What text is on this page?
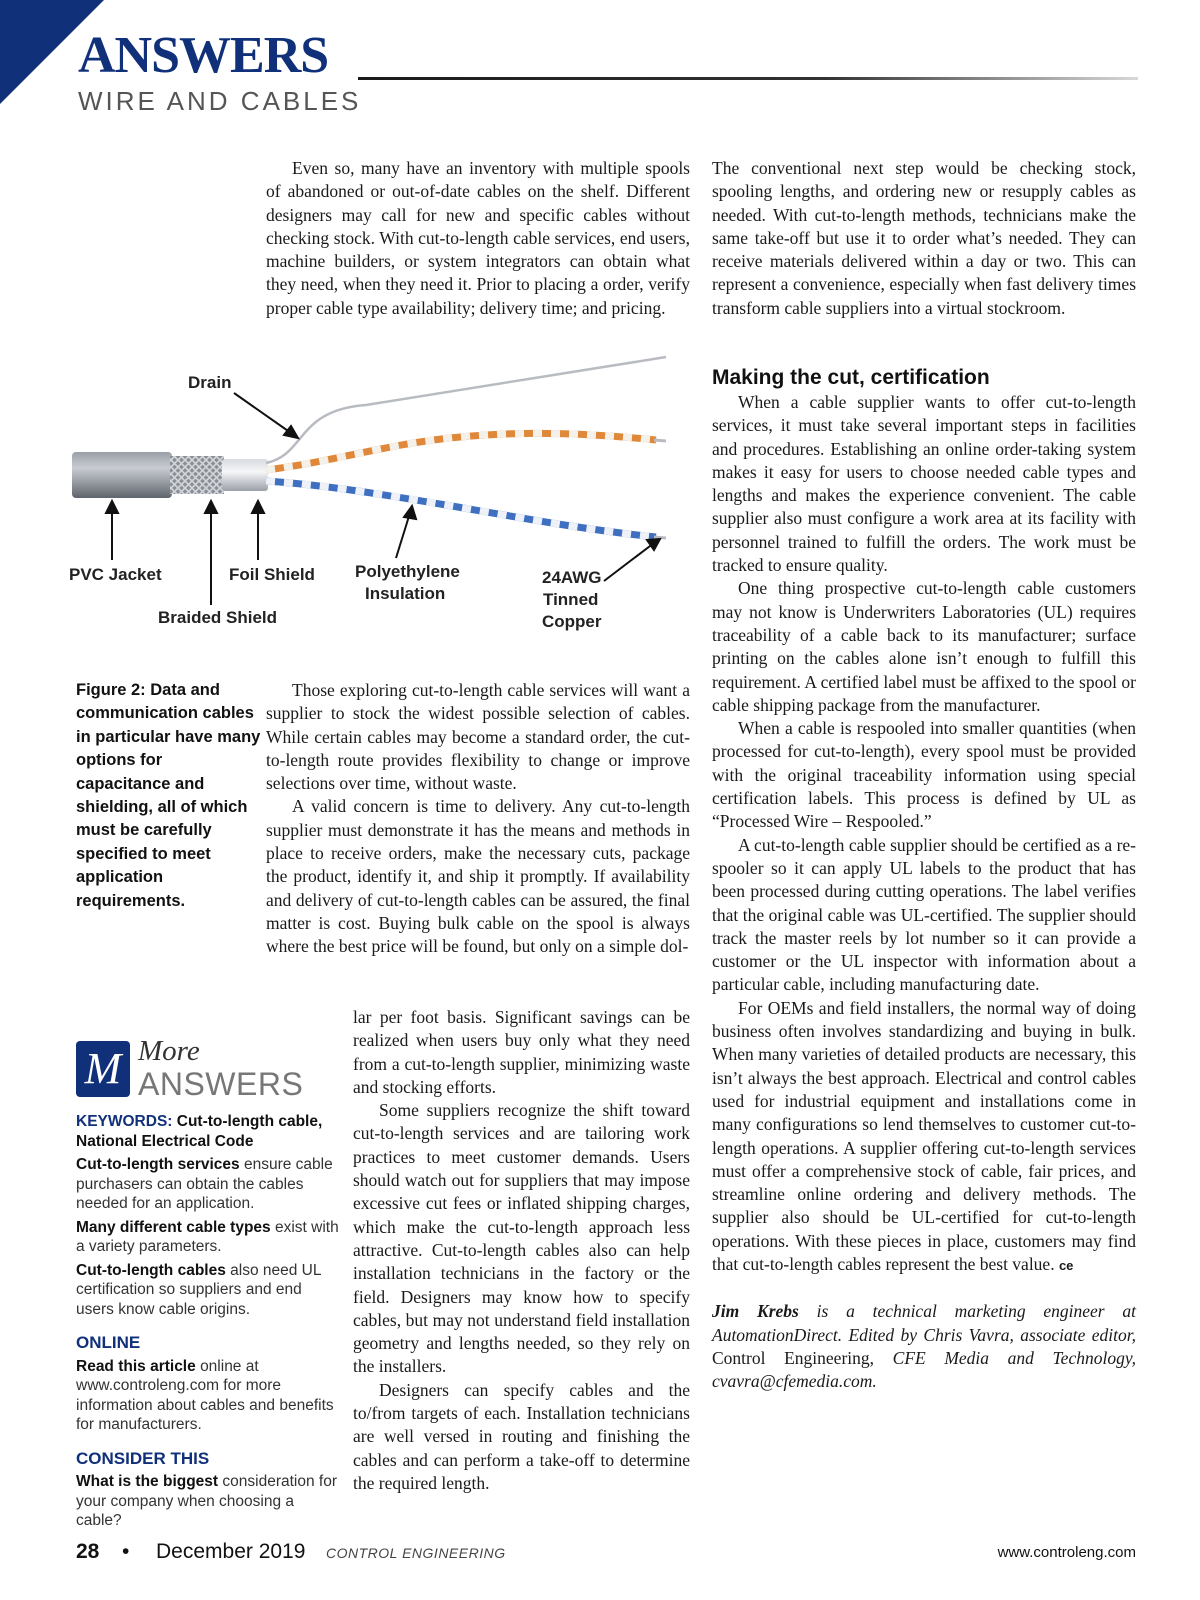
ANSWERS
WIRE AND CABLES

Even so, many have an inventory with multiple spools of abandoned or out-of-date cables on the shelf. Different designers may call for new and specific cables without checking stock. With cut-to-length cable services, end users, machine builders, or system integrators can obtain what they need, when they need it. Prior to placing a order, verify proper cable type availability; delivery time; and pricing.

The conventional next step would be checking stock, spooling lengths, and ordering new or resupply cables as needed. With cut-to-length methods, technicians make the same take-off but use it to order what’s needed. They can receive materials delivered within a day or two. This can represent a convenience, especially when fast delivery times transform cable suppliers into a virtual stockroom.

Making the cut, certification

When a cable supplier wants to offer cut-to-length services, it must take several important steps in facilities and procedures. Establishing an online order-taking system makes it easy for users to choose needed cable types and lengths and makes the experience convenient. The cable supplier also must configure a work area at its facility with personnel trained to fulfill the orders. The work must be tracked to ensure quality.

One thing prospective cut-to-length cable customers may not know is Underwriters Laboratories (UL) requires traceability of a cable back to its manufacturer; surface printing on the cables alone isn’t enough to fulfill this requirement. A certified label must be affixed to the spool or cable shipping package from the manufacturer.

When a cable is respooled into smaller quantities (when processed for cut-to-length), every spool must be provided with the original traceability information using special certification labels. This process is defined by UL as “Processed Wire – Respooled.”

A cut-to-length cable supplier should be certified as a re-spooler so it can apply UL labels to the product that has been processed during cutting operations. The label verifies that the original cable was UL-certified. The supplier should track the master reels by lot number so it can provide a customer or the UL inspector with information about a particular cable, including manufacturing date.

For OEMs and field installers, the normal way of doing business often involves standardizing and buying in bulk. When many varieties of detailed products are necessary, this isn’t always the best approach. Electrical and control cables used for industrial equipment and installations come in many configurations so lend themselves to customer cut-to-length operations. A supplier offering cut-to-length services must offer a comprehensive stock of cable, fair prices, and streamline online ordering and delivery methods. The supplier also should be UL-certified for cut-to-length operations. With these pieces in place, customers may find that cut-to-length cables represent the best value. ce

Jim Krebs is a technical marketing engineer at AutomationDirect. Edited by Chris Vavra, associate editor, Control Engineering, CFE Media and Technology, cvavra@cfemedia.com.

Drain
PVC Jacket	Foil Shield
Braided Shield
Polyethylene
Insulation
24AWG
Tinned
Copper
Figure 2: Data and communication cables in particular have many options for capacitance and shielding, all of which must be carefully specified to meet application requirements.

Those exploring cut-to-length cable services will want a supplier to stock the widest possible selection of cables. While certain cables may become a standard order, the cut-to-length route provides flexibility to change or improve selections over time, without waste.

A valid concern is time to delivery. Any cut-to-length supplier must demonstrate it has the means and methods in place to receive orders, make the necessary cuts, package the product, identify it, and ship it promptly. If availability and delivery of cut-to-length cables can be assured, the final matter is cost. Buying bulk cable on the spool is always where the best price will be found, but only on a simple dol-

lar per foot basis. Significant savings can be realized when users buy only what they need from a cut-to-length supplier, minimizing waste and stocking efforts.

Some suppliers recognize the shift toward cut-to-length services and are tailoring work practices to meet customer demands. Users should watch out for suppliers that may impose excessive cut fees or inflated shipping charges, which make the cut-to-length approach less attractive. Cut-to-length cables also can help installation technicians in the factory or the field. Designers may know how to specify cables, but may not understand field installation geometry and lengths needed, so they rely on the installers.

Designers can specify cables and the to/from targets of each. Installation technicians are well versed in routing and finishing the cables and can perform a take-off to determine the required length.

M More
ANSWERS

KEYWORDS: Cut-to-length cable, National Electrical Code

Cut-to-length services ensure cable purchasers can obtain the cables needed for an application.

Many different cable types exist with a variety parameters.

Cut-to-length cables also need UL certification so suppliers and end users know cable origins.

ONLINE

Read this article online at www.controleng.com for more information about cables and benefits for manufacturers.

CONSIDER THIS

What is the biggest consideration for your company when choosing a cable?

28 • December 2019 CONTROL ENGINEERING	www.controleng.com
